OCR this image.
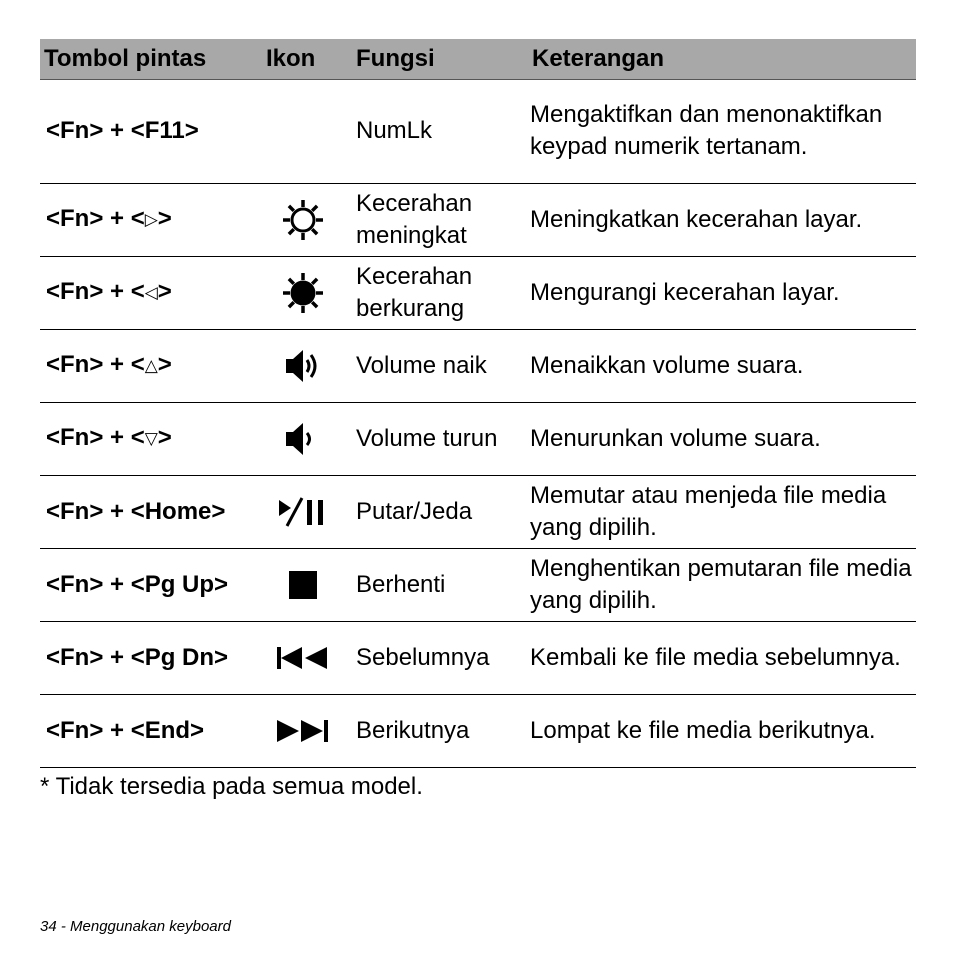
Tombol pintas	Ikon	Fungsi	Keterangan
<Fn> + <F11>		NumLk	Mengaktifkan dan menonaktifkan keypad numerik tertanam.
<Fn> + <▷>		Kecerahan meningkat	Meningkatkan kecerahan layar.
<Fn> + <◁>		Kecerahan berkurang	Mengurangi kecerahan layar.
<Fn> + <△>		Volume naik	Menaikkan volume suara.
<Fn> + <▽>		Volume turun	Menurunkan volume suara.
<Fn> + <Home>		Putar/Jeda	Memutar atau menjeda file media yang dipilih.
<Fn> + <Pg Up>		Berhenti	Menghentikan pemutaran file media yang dipilih.
<Fn> + <Pg Dn>		Sebelumnya	Kembali ke file media sebelumnya.
<Fn> + <End>		Berikutnya	Lompat ke file media berikutnya.
* Tidak tersedia pada semua model.
34 - Menggunakan keyboard
